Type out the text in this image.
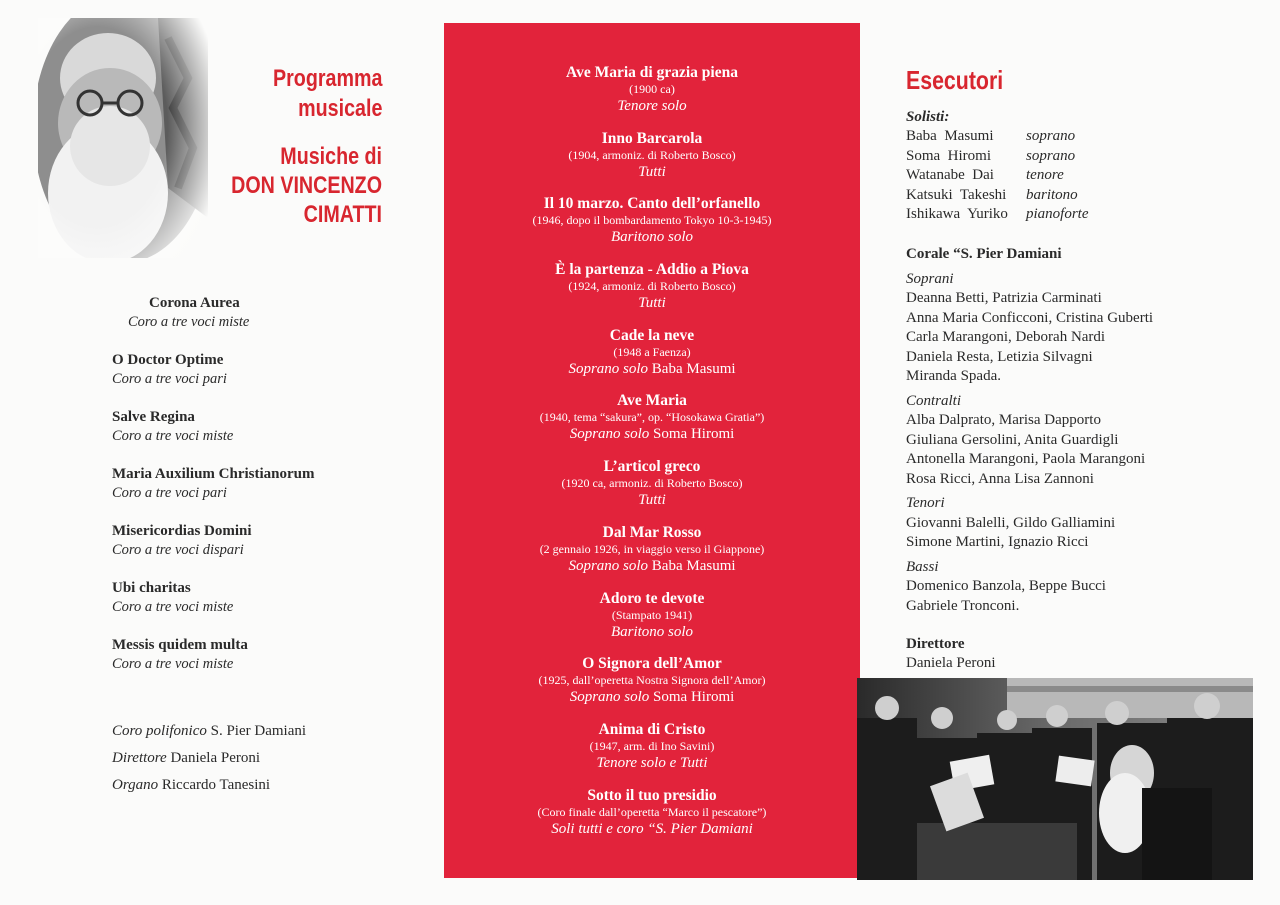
Programma
musicale
Musiche di
DON VINCENZO
CIMATTI
Corona Aurea
Coro a tre voci miste
O Doctor Optime
Coro a tre voci pari
Salve Regina
Coro a tre voci miste
Maria Auxilium Christianorum
Coro a tre voci pari
Misericordias Domini
Coro a tre voci dispari
Ubi charitas
Coro a tre voci miste
Messis quidem multa
Coro a tre voci miste
Coro polifonico S. Pier Damiani
Direttore Daniela Peroni
Organo Riccardo Tanesini
Ave Maria di grazia piena
(1900 ca)
Tenore solo
Inno Barcarola
(1904, armoniz. di Roberto Bosco)
Tutti
Il 10 marzo. Canto dell’orfanello
(1946, dopo il bombardamento Tokyo 10-3-1945)
Baritono solo
È la partenza - Addio a Piova
(1924, armoniz. di Roberto Bosco)
Tutti
Cade la neve
(1948 a Faenza)
Soprano solo Baba Masumi
Ave Maria
(1940, tema “sakura”, op. “Hosokawa Gratia”)
Soprano solo Soma Hiromi
L’articol greco
(1920 ca, armoniz. di Roberto Bosco)
Tutti
Dal Mar Rosso
(2 gennaio 1926, in viaggio verso il Giappone)
Soprano solo Baba Masumi
Adoro te devote
(Stampato 1941)
Baritono solo
O Signora dell’Amor
(1925, dall’operetta Nostra Signora dell’Amor)
Soprano solo Soma Hiromi
Anima di Cristo
(1947, arm. di Ino Savini)
Tenore solo e Tutti
Sotto il tuo presidio
(Coro finale dall’operetta “Marco il pescatore”)
Soli tutti e coro “S. Pier Damiani
Esecutori
Solisti:
Baba  Masumi	soprano
Soma  Hiromi	soprano
Watanabe  Dai	tenore
Katsuki  Takeshi	baritono
Ishikawa  Yuriko	pianoforte
Corale “S. Pier Damiani
Soprani
Deanna Betti, Patrizia Carminati
Anna Maria Conficconi, Cristina Guberti
Carla Marangoni, Deborah Nardi
Daniela Resta, Letizia Silvagni
Miranda Spada.
Contralti
Alba Dalprato, Marisa Dapporto
Giuliana Gersolini, Anita Guardigli
Antonella Marangoni, Paola Marangoni
Rosa Ricci, Anna Lisa Zannoni
Tenori
Giovanni Balelli, Gildo Galliamini
Simone Martini, Ignazio Ricci
Bassi
Domenico Banzola, Beppe Bucci
Gabriele Tronconi.
Direttore
Daniela Peroni
